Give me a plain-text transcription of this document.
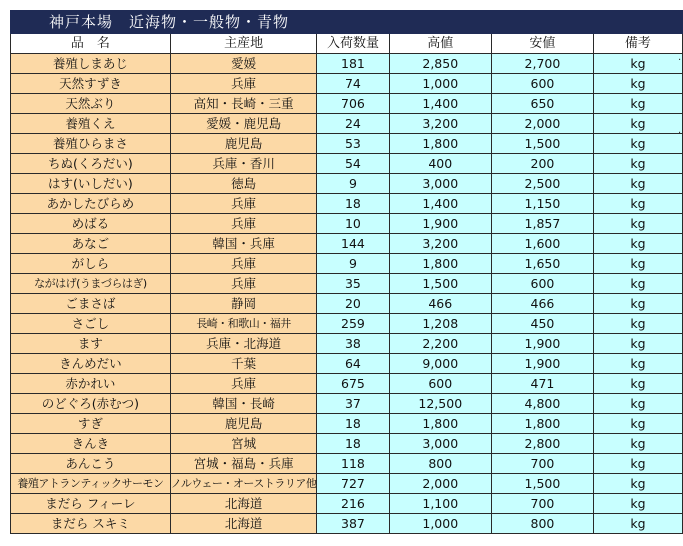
神戸本場　近海物・一般物・青物					
品　名	主産地	入荷数量	高値	安値	備考
養殖しまあじ	愛媛	181	2,850	2,700	kg
天然すずき	兵庫	74	1,000	600	kg
天然ぶり	高知・長崎・三重	706	1,400	650	kg
養殖くえ	愛媛・鹿児島	24	3,200	2,000	kg
養殖ひらまさ	鹿児島	53	1,800	1,500	kg
ちぬ(くろだい)	兵庫・香川	54	400	200	kg
はす(いしだい)	徳島	9	3,000	2,500	kg
あかしたびらめ	兵庫	18	1,400	1,150	kg
めばる	兵庫	10	1,900	1,857	kg
あなご	韓国・兵庫	144	3,200	1,600	kg
がしら	兵庫	9	1,800	1,650	kg
ながはげ(うまづらはぎ)	兵庫	35	1,500	600	kg
ごまさば	静岡	20	466	466	kg
さごし	長崎・和歌山・福井	259	1,208	450	kg
ます	兵庫・北海道	38	2,200	1,900	kg
きんめだい	千葉	64	9,000	1,900	kg
赤かれい	兵庫	675	600	471	kg
のどぐろ(赤むつ)	韓国・長崎	37	12,500	4,800	kg
すぎ	鹿児島	18	1,800	1,800	kg
きんき	宮城	18	3,000	2,800	kg
あんこう	宮城・福島・兵庫	118	800	700	kg
養殖アトランティックサーモン	ノルウェー・オーストラリア他	727	2,000	1,500	kg
まだら フィーレ	北海道	216	1,100	700	kg
まだら スキミ	北海道	387	1,000	800	kg
·
·
